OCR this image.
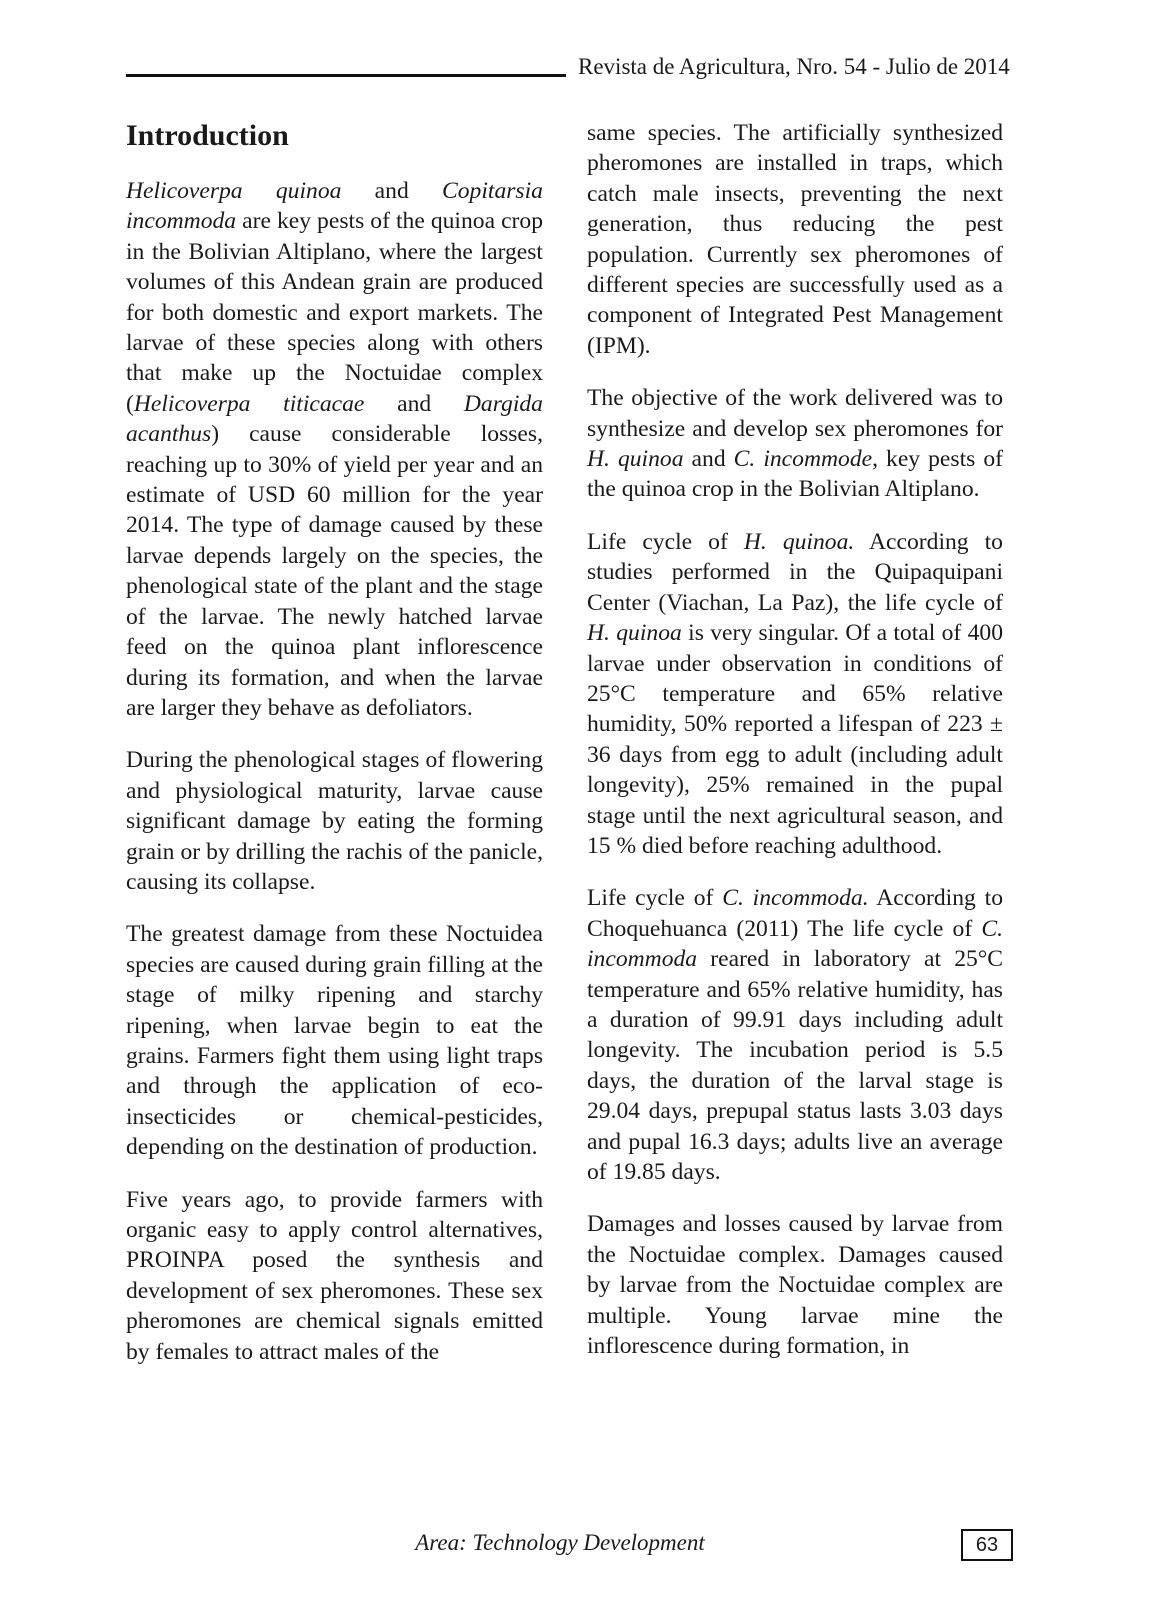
Revista de Agricultura, Nro. 54 - Julio de 2014
Introduction

Helicoverpa quinoa and Copitarsia incommoda are key pests of the quinoa crop in the Bolivian Altiplano, where the largest volumes of this Andean grain are produced for both domestic and export markets. The larvae of these species along with others that make up the Noctuidae complex (Helicoverpa titicacae and Dargida acanthus) cause considerable losses, reaching up to 30% of yield per year and an estimate of USD 60 million for the year 2014. The type of damage caused by these larvae depends largely on the species, the phenological state of the plant and the stage of the larvae. The newly hatched larvae feed on the quinoa plant inflorescence during its formation, and when the larvae are larger they behave as defoliators.

During the phenological stages of flowering and physiological maturity, larvae cause significant damage by eating the forming grain or by drilling the rachis of the panicle, causing its collapse.

The greatest damage from these Noctuidea species are caused during grain filling at the stage of milky ripening and starchy ripening, when larvae begin to eat the grains. Farmers fight them using light traps and through the application of eco-insecticides or chemical-pesticides, depending on the destination of production.

Five years ago, to provide farmers with organic easy to apply control alternatives, PROINPA posed the synthesis and development of sex pheromones. These sex pheromones are chemical signals emitted by females to attract males of the

same species. The artificially synthesized pheromones are installed in traps, which catch male insects, preventing the next generation, thus reducing the pest population. Currently sex pheromones of different species are successfully used as a component of Integrated Pest Management (IPM).

The objective of the work delivered was to synthesize and develop sex pheromones for H. quinoa and C. incommode, key pests of the quinoa crop in the Bolivian Altiplano.

Life cycle of H. quinoa. According to studies performed in the Quipaquipani Center (Viachan, La Paz), the life cycle of H. quinoa is very singular. Of a total of 400 larvae under observation in conditions of 25°C temperature and 65% relative humidity, 50% reported a lifespan of 223 ± 36 days from egg to adult (including adult longevity), 25% remained in the pupal stage until the next agricultural season, and 15 % died before reaching adulthood.

Life cycle of C. incommoda. According to Choquehuanca (2011) The life cycle of C. incommoda reared in laboratory at 25°C temperature and 65% relative humidity, has a duration of 99.91 days including adult longevity. The incubation period is 5.5 days, the duration of the larval stage is 29.04 days, prepupal status lasts 3.03 days and pupal 16.3 days; adults live an average of 19.85 days.

Damages and losses caused by larvae from the Noctuidae complex. Damages caused by larvae from the Noctuidae complex are multiple. Young larvae mine the inflorescence during formation, in

Area: Technology Development	63
